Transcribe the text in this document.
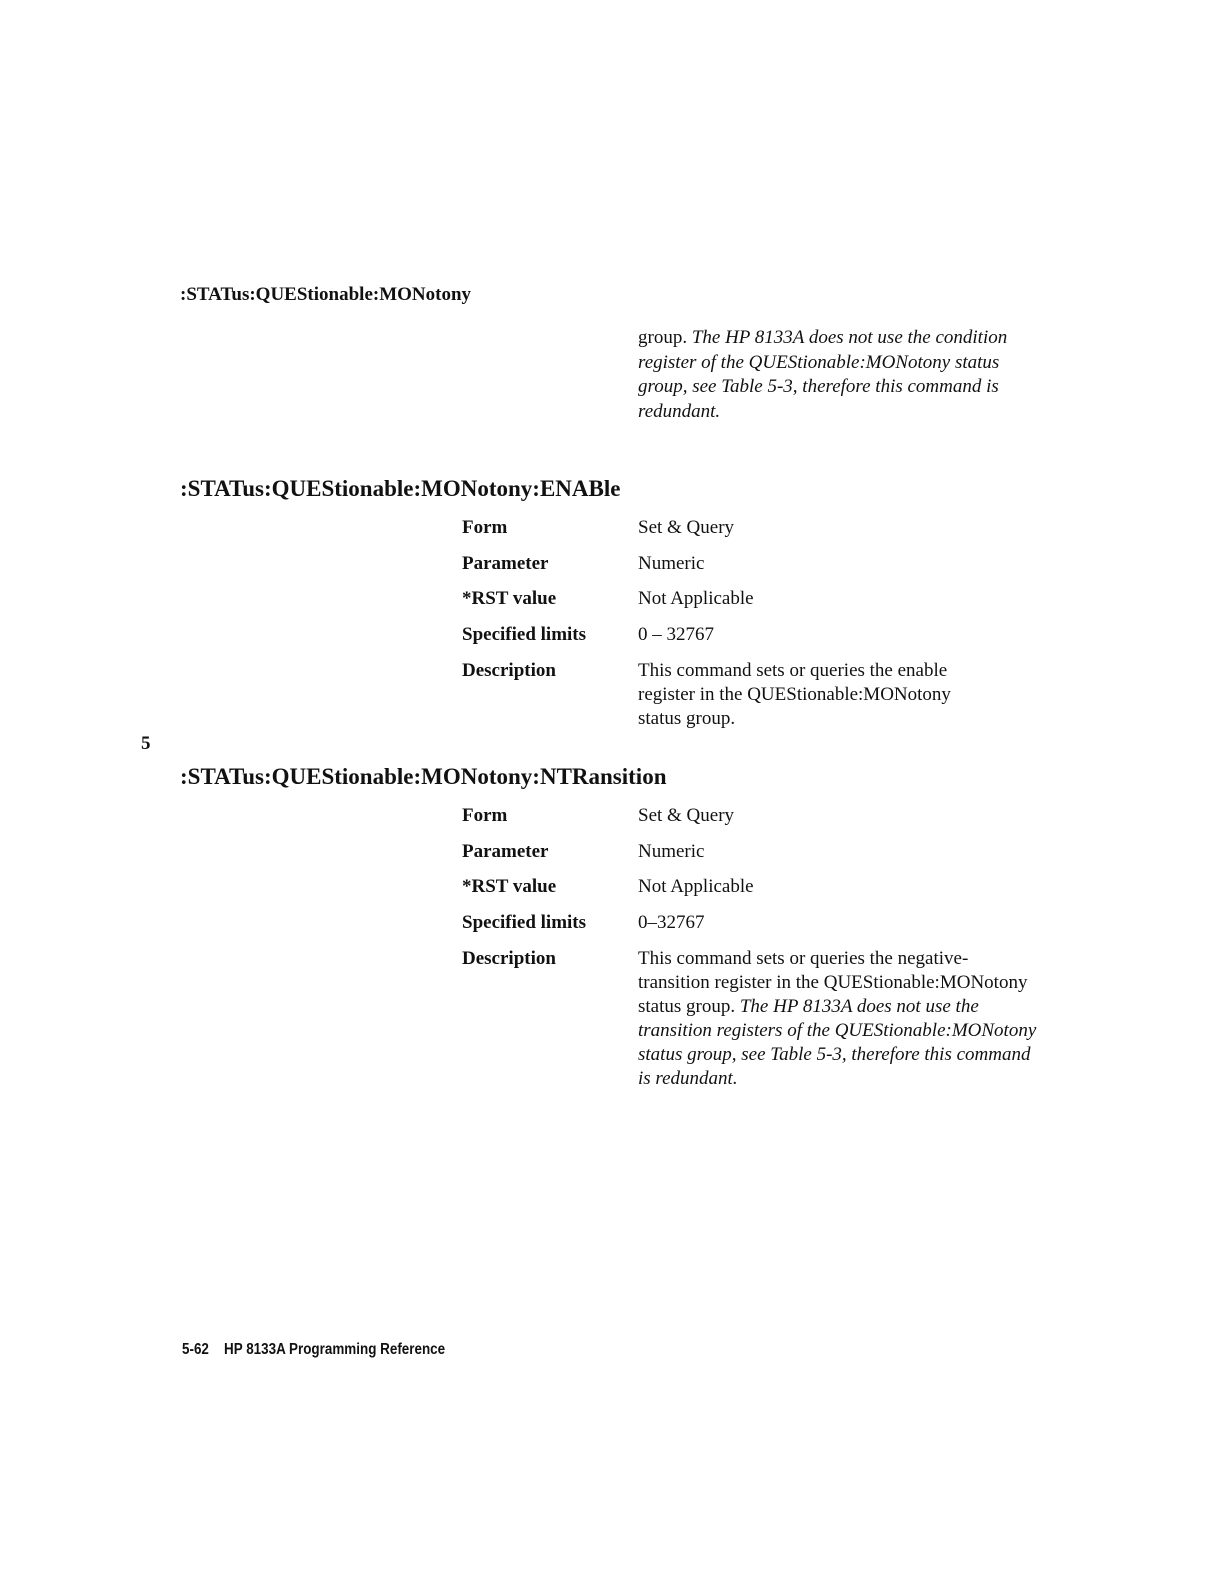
:STATus:QUEStionable:MONotony
group. The HP 8133A does not use the condition register of the QUEStionable:MONotony status group, see Table 5-3, therefore this command is redundant.
:STATus:QUEStionable:MONotony:ENABle
Form	Set & Query
Parameter	Numeric
*RST value	Not Applicable
Specified limits	0 – 32767
Description	This command sets or queries the enable register in the QUEStionable:MONotony status group.
5
:STATus:QUEStionable:MONotony:NTRansition
Form	Set & Query
Parameter	Numeric
*RST value	Not Applicable
Specified limits	0–32767
Description	This command sets or queries the negative-transition register in the QUEStionable:MONotony status group. The HP 8133A does not use the transition registers of the QUEStionable:MONotony status group, see Table 5-3, therefore this command is redundant.
5-62 HP 8133A Programming Reference
